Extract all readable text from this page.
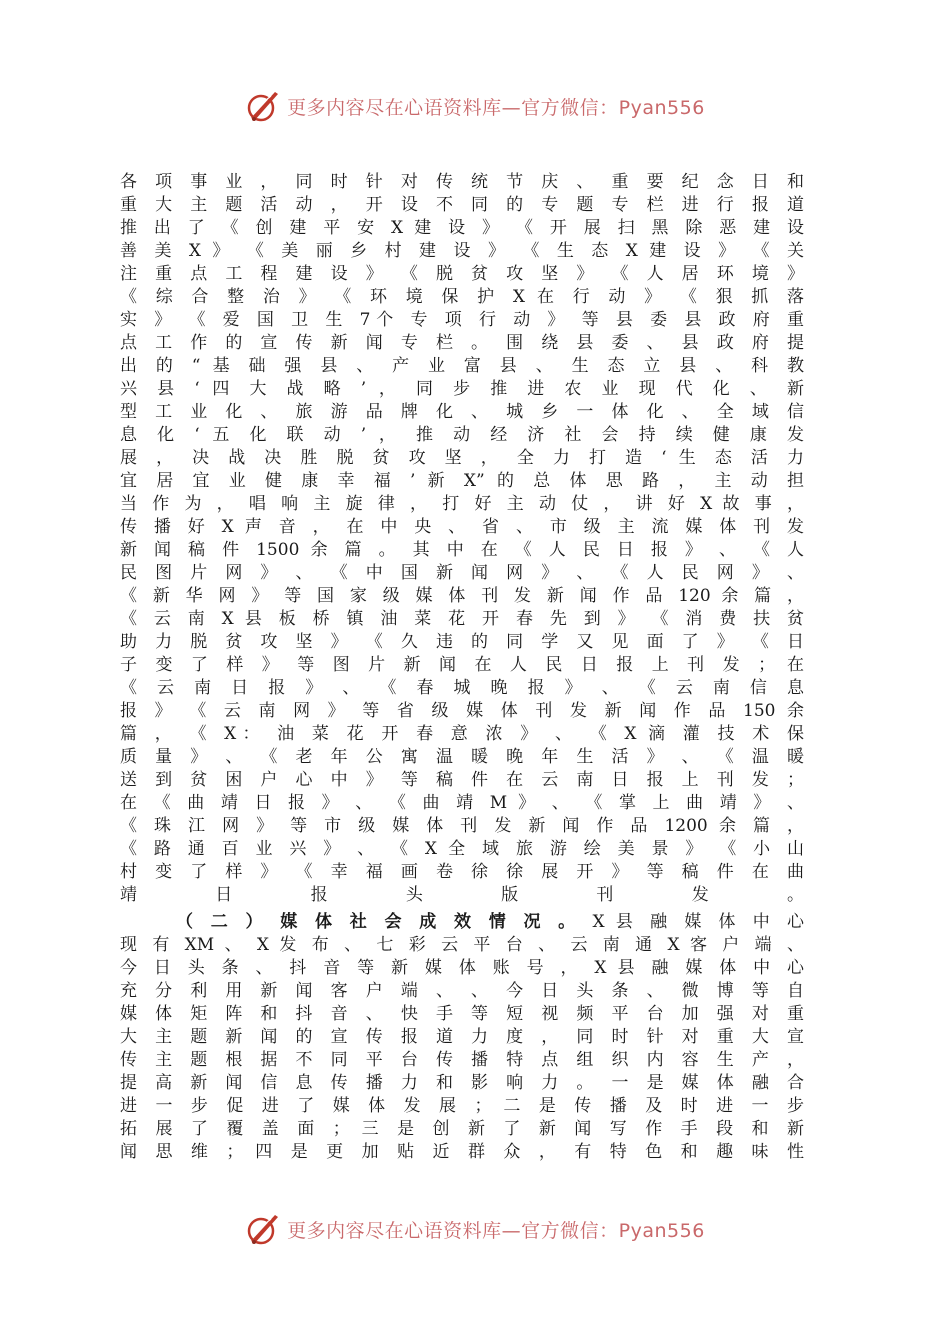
更多内容尽在心语资料库—官方微信：Pyan556
各 项 事 业 ， 同 时 针 对 传 统 节 庆 、 重 要 纪 念 日 和
重 大 主 题 活 动 ， 开 设 不 同 的 专 题 专 栏 进 行 报 道
推 出 了 《 创 建 平 安 X 建 设 》 《 开 展 扫 黑 除 恶 建 设
善 美 X 》 《 美 丽 乡 村 建 设 》 《 生 态 X 建 设 》 《 关
注 重 点 工 程 建 设 》 《 脱 贫 攻 坚 》 《 人 居 环 境 》
《 综 合 整 治 》 《 环 境 保 护 X 在 行 动 》 《 狠 抓 落
实 》 《 爱 国 卫 生 7个 专 项 行 动 》 等 县 委 县 政 府 重
点 工 作 的 宣 传 新 闻 专 栏 。 围 绕 县 委 、 县 政 府 提
出 的 “ 基 础 强 县 、 产 业 富 县 、 生 态 立 县 、 科 教
兴 县 ‘ 四 大 战 略 ’ ， 同 步 推 进 农 业 现 代 化 、 新
型 工 业 化 、 旅 游 品 牌 化 、 城 乡 一 体 化 、 全 域 信
息 化 ‘ 五 化 联 动 ’ ， 推 动 经 济 社 会 持 续 健 康 发
展 ， 决 战 决 胜 脱 贫 攻 坚 ， 全 力 打 造 ‘ 生 态 活 力
宜 居 宜 业 健 康 幸 福 ’ 新 X” 的 总 体 思 路 ， 主 动 担
当 作 为 ， 唱 响 主 旋 律 ， 打 好 主 动 仗 ， 讲 好 X 故 事 ，
传 播 好 X 声 音 ， 在 中 央 、 省 、 市 级 主 流 媒 体 刊 发
新 闻 稿 件 1500 余 篇 。 其 中 在 《 人 民 日 报 》 、 《 人
民 图 片 网 》 、 《 中 国 新 闻 网 》 、 《 人 民 网 》 、
《 新 华 网 》 等 国 家 级 媒 体 刊 发 新 闻 作 品 120 余 篇 ，
《 云 南 X 县 板 桥 镇 油 菜 花 开 春 先 到 》 《 消 费 扶 贫
助 力 脱 贫 攻 坚 》 《 久 违 的 同 学 又 见 面 了 》 《 日
子 变 了 样 》 等 图 片 新 闻 在 人 民 日 报 上 刊 发 ； 在
《 云 南 日 报 》 、 《 春 城 晚 报 》 、 《 云 南 信 息
报 》 《 云 南 网 》 等 省 级 媒 体 刊 发 新 闻 作 品 150 余
篇 ， 《 X： 油 菜 花 开 春 意 浓 》 、 《 X 滴 灌 技 术 保
质 量 》 、 《 老 年 公 寓 温 暖 晚 年 生 活 》 、 《 温 暖
送 到 贫 困 户 心 中 》 等 稿 件 在 云 南 日 报 上 刊 发 ；
在 《 曲 靖 日 报 》 、 《 曲 靖 M 》 、 《 掌 上 曲 靖 》 、
《 珠 江 网 》 等 市 级 媒 体 刊 发 新 闻 作 品 1200 余 篇 ，
《 路 通 百 业 兴 》 、 《 X 全 域 旅 游 绘 美 景 》 《 小 山
村 变 了 样 》 《 幸 福 画 卷 徐 徐 展 开 》 等 稿 件 在 曲
靖 日 报 头 版 刊 发 。
（ 二 ） 媒 体 社 会 成 效 情 况 。 X 县 融 媒 体 中 心
现 有 XM 、 X 发 布 、 七 彩 云 平 台 、 云 南 通 X 客 户 端 、
今 日 头 条 、 抖 音 等 新 媒 体 账 号 ， X 县 融 媒 体 中 心
充 分 利 用 新 闻 客 户 端 、 、 今 日 头 条 、 微 博 等 自
媒 体 矩 阵 和 抖 音 、 快 手 等 短 视 频 平 台 加 强 对 重
大 主 题 新 闻 的 宣 传 报 道 力 度 ， 同 时 针 对 重 大 宣
传 主 题 根 据 不 同 平 台 传 播 特 点 组 织 内 容 生 产 ，
提 高 新 闻 信 息 传 播 力 和 影 响 力 。 一 是 媒 体 融 合
进 一 步 促 进 了 媒 体 发 展 ； 二 是 传 播 及 时 进 一 步
拓 展 了 覆 盖 面 ； 三 是 创 新 了 新 闻 写 作 手 段 和 新
闻 思 维 ； 四 是 更 加 贴 近 群 众 ， 有 特 色 和 趣 味 性
更多内容尽在心语资料库—官方微信：Pyan556
